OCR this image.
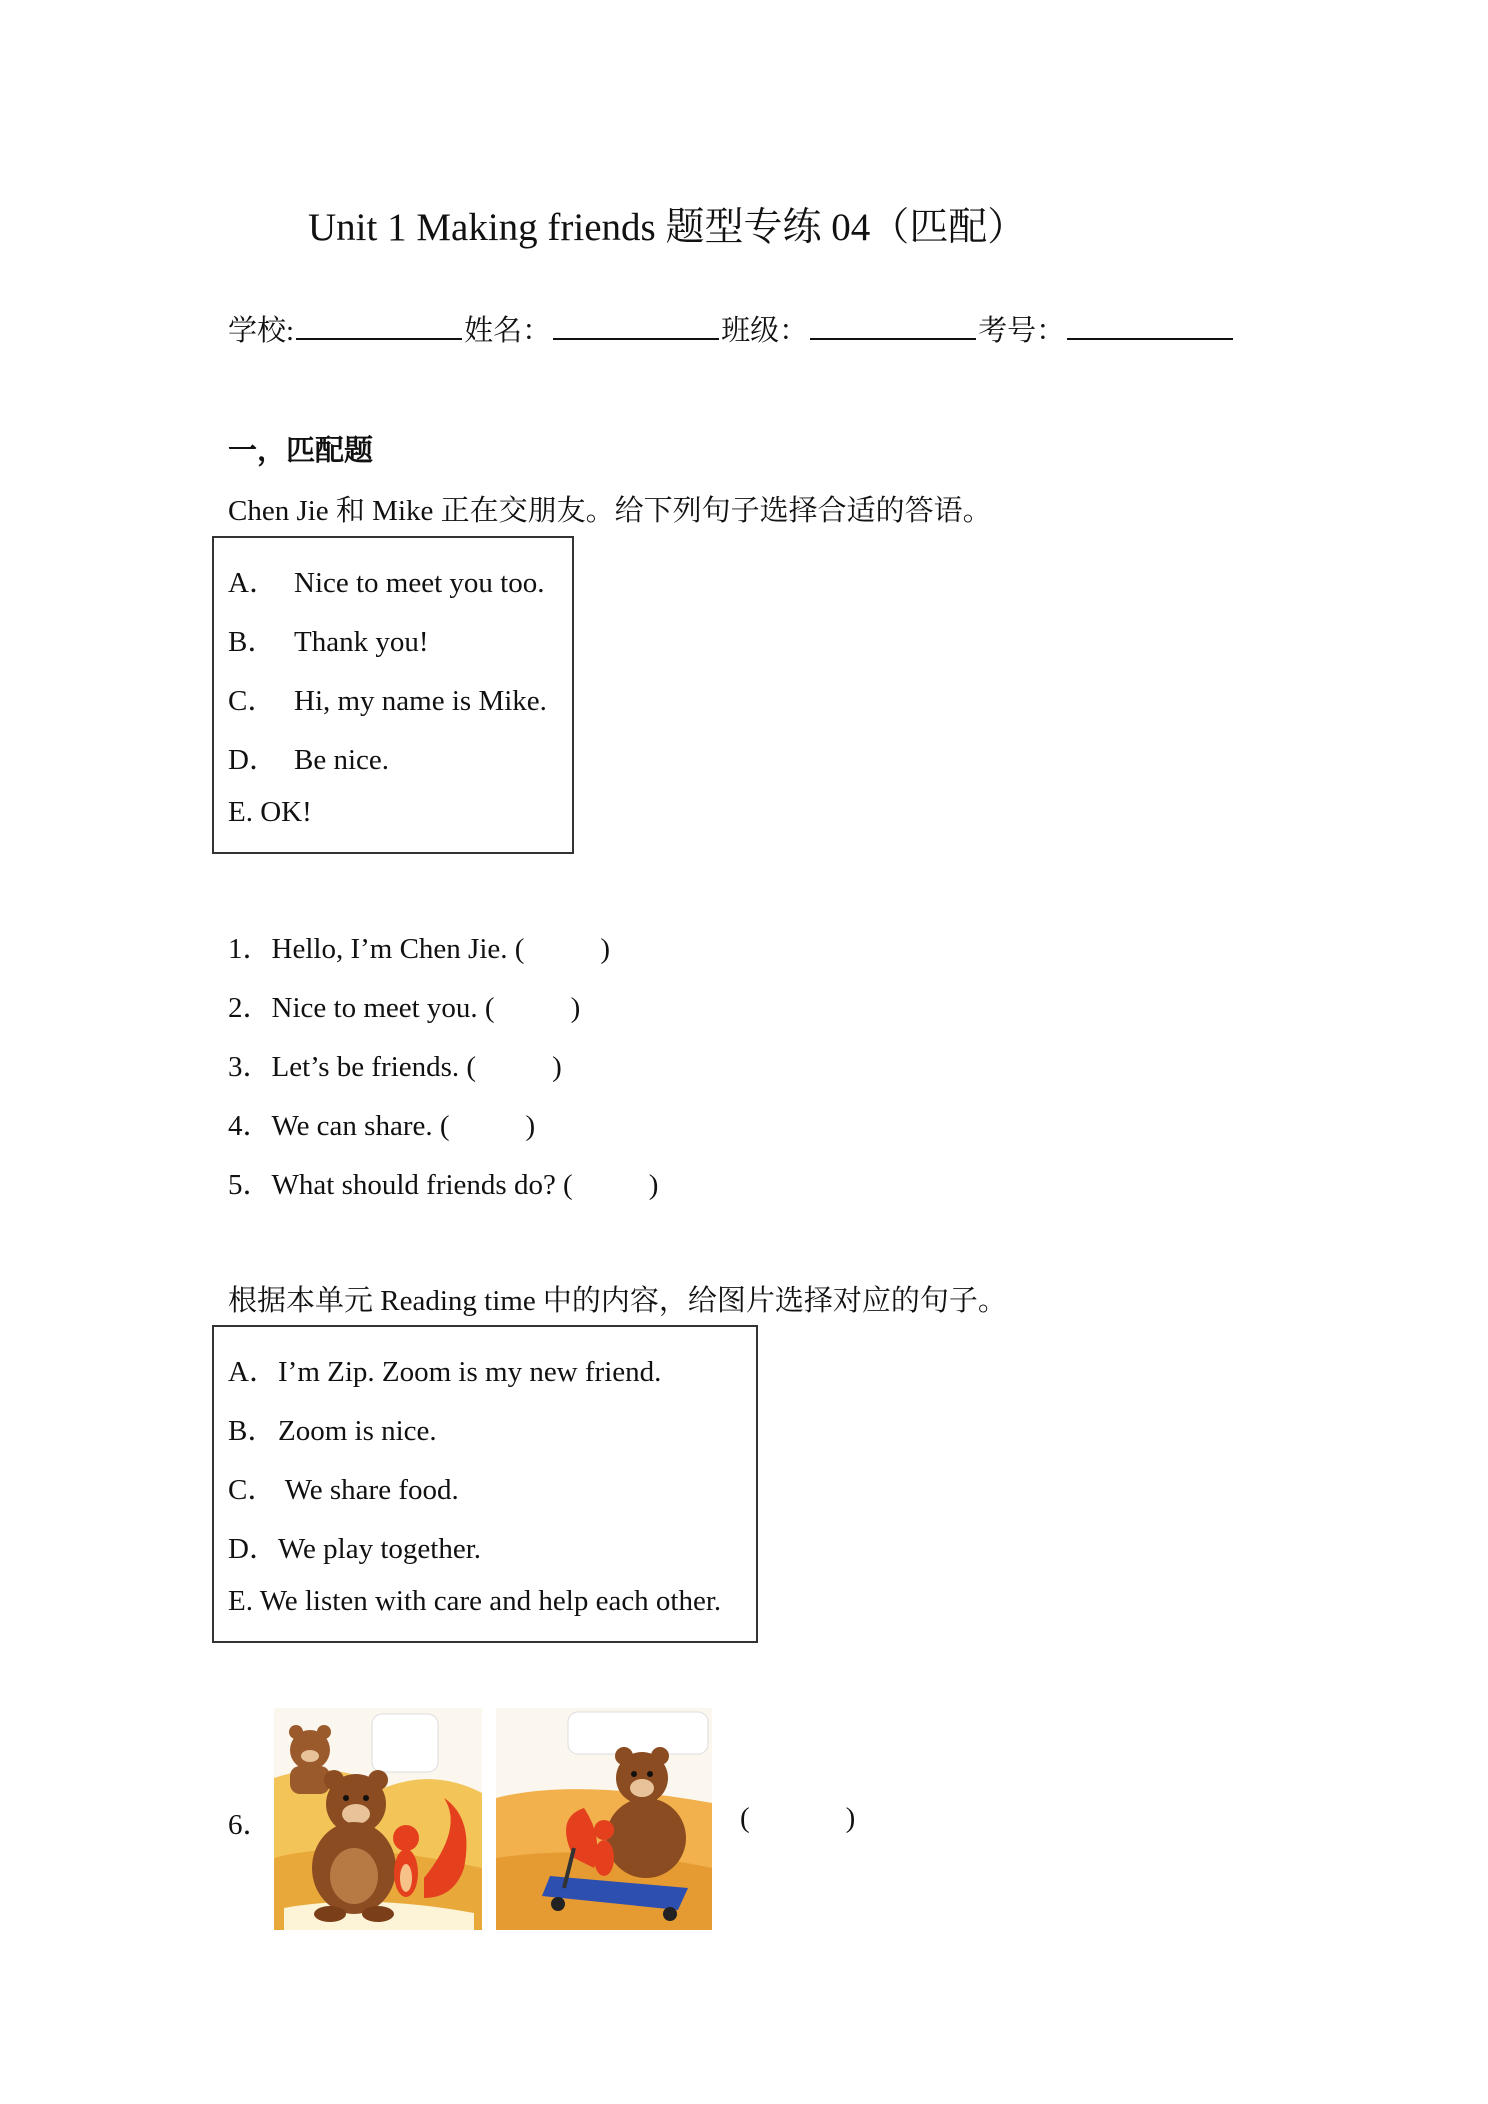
Unit 1 Making friends 题型专练 04（匹配）
学校:	姓名：	班级：	考号：
一，匹配题
Chen Jie 和 Mike 正在交朋友。给下列句子选择合适的答语。
A． Nice to meet you too.
B． Thank you!
C． Hi, my name is Mike.
D． Be nice.
E. OK!
1．Hello, I’m Chen Jie. (	)
2．Nice to meet you. (	)
3．Let’s be friends. (	)
4．We can share. (	)
5．What should friends do? (	)
根据本单元 Reading time 中的内容，给图片选择对应的句子。
A．I’m Zip. Zoom is my new friend.
B．Zoom is nice.
C． We share food.
D．We play together.
E. We listen with care and help each other.
6．	(	)
